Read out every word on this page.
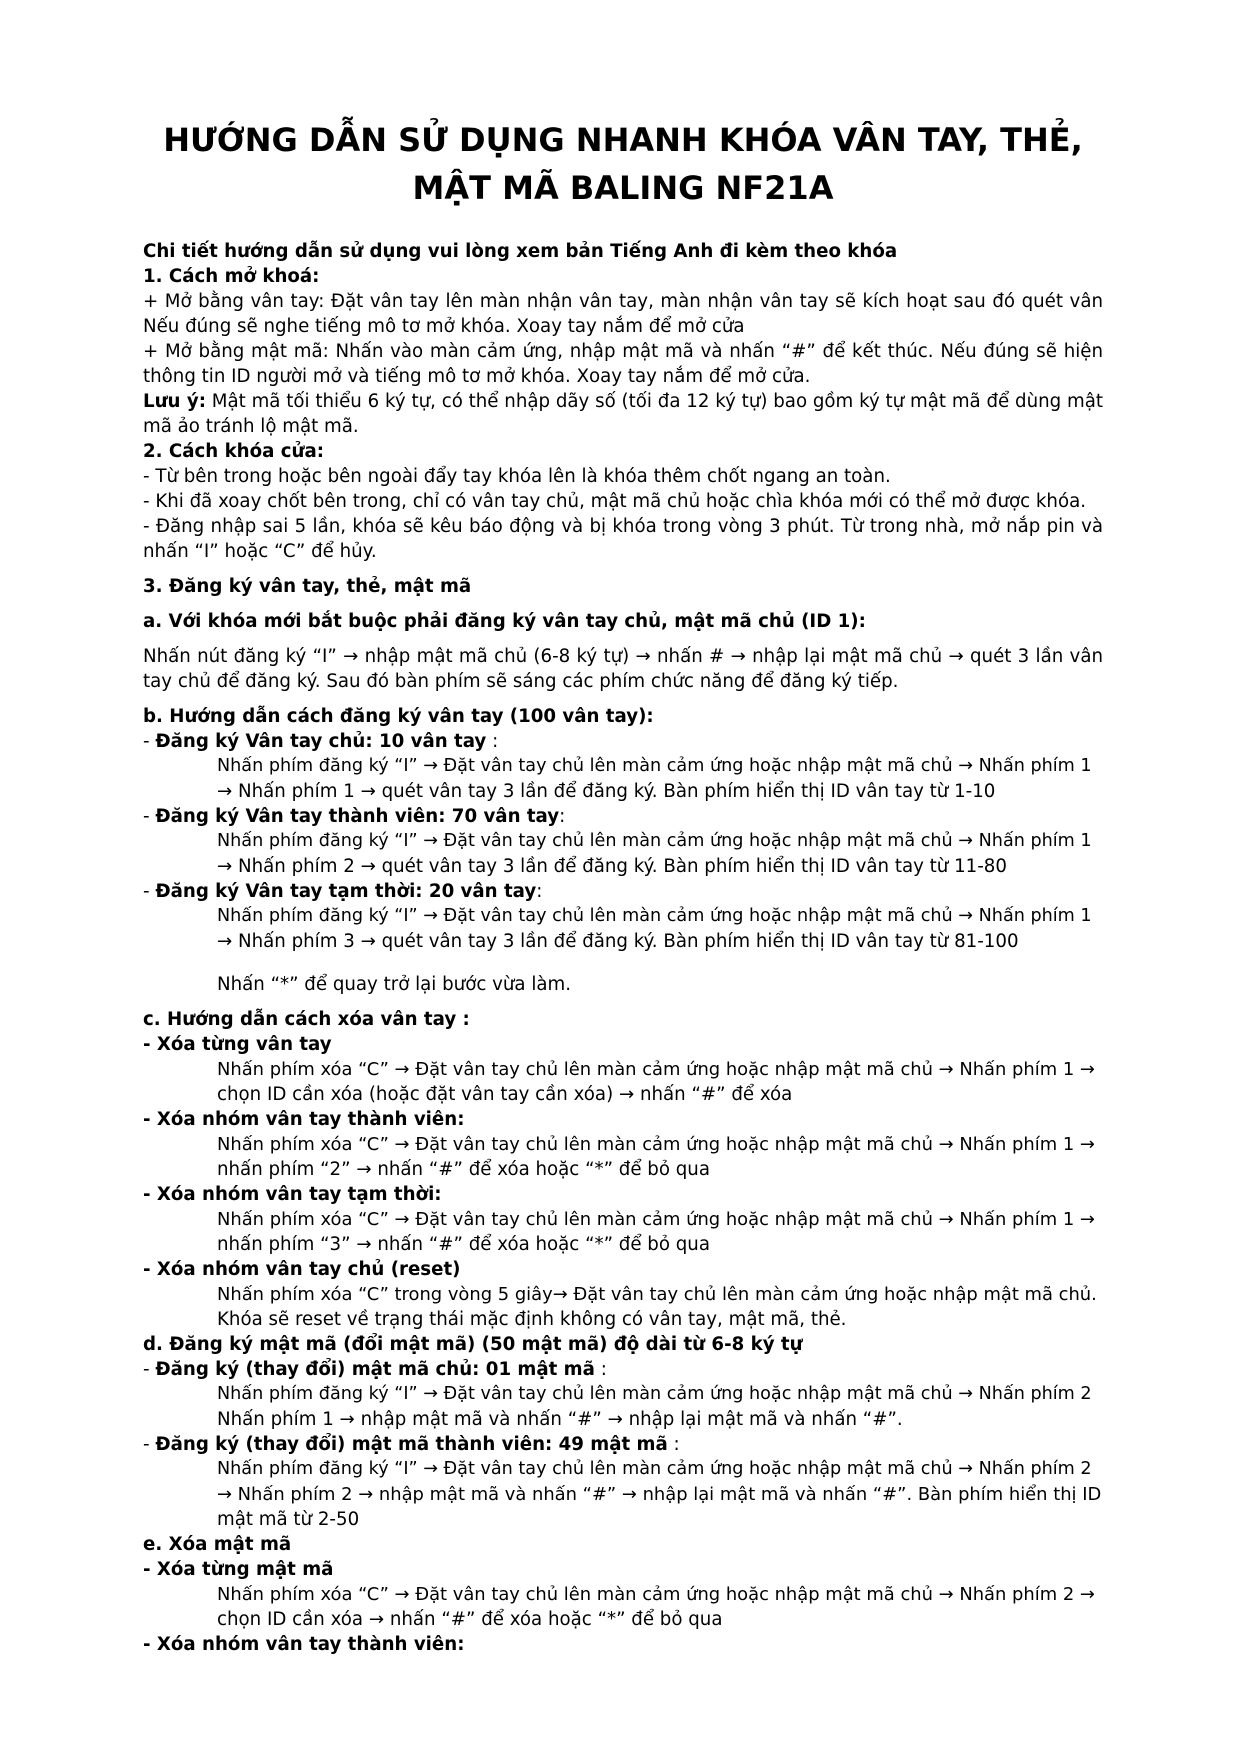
HƯỚNG DẪN SỬ DỤNG NHANH KHÓA VÂN TAY, THẺ,
MẬT MÃ BALING NF21A
Chi tiết hướng dẫn sử dụng vui lòng xem bản Tiếng Anh đi kèm theo khóa
1. Cách mở khoá:
+ Mở bằng vân tay: Đặt vân tay lên màn nhận vân tay, màn nhận vân tay sẽ kích hoạt sau đó quét vân
Nếu đúng sẽ nghe tiếng mô tơ mở khóa. Xoay tay nắm để mở cửa
+ Mở bằng mật mã: Nhấn vào màn cảm ứng, nhập mật mã và nhấn “#” để kết thúc. Nếu đúng sẽ hiện
thông tin ID người mở và tiếng mô tơ mở khóa. Xoay tay nắm để mở cửa.
Lưu ý: Mật mã tối thiểu 6 ký tự, có thể nhập dãy số (tối đa 12 ký tự) bao gồm ký tự mật mã để dùng mật
mã ảo tránh lộ mật mã.
2. Cách khóa cửa:
- Từ bên trong hoặc bên ngoài đẩy tay khóa lên là khóa thêm chốt ngang an toàn.
- Khi đã xoay chốt bên trong, chỉ có vân tay chủ, mật mã chủ hoặc chìa khóa mới có thể mở được khóa.
- Đăng nhập sai 5 lần, khóa sẽ kêu báo động và bị khóa trong vòng 3 phút. Từ trong nhà, mở nắp pin và
nhấn “I” hoặc “C” để hủy.
3. Đăng ký vân tay, thẻ, mật mã
a. Với khóa mới bắt buộc phải đăng ký vân tay chủ, mật mã chủ (ID 1):
Nhấn nút đăng ký “I” → nhập mật mã chủ (6-8 ký tự) → nhấn # → nhập lại mật mã chủ → quét 3 lần vân
tay chủ để đăng ký. Sau đó bàn phím sẽ sáng các phím chức năng để đăng ký tiếp.
b. Hướng dẫn cách đăng ký vân tay (100 vân tay):
- Đăng ký Vân tay chủ: 10 vân tay :
Nhấn phím đăng ký “I” → Đặt vân tay chủ lên màn cảm ứng hoặc nhập mật mã chủ → Nhấn phím 1
→ Nhấn phím 1 → quét vân tay 3 lần để đăng ký. Bàn phím hiển thị ID vân tay từ 1-10
- Đăng ký Vân tay thành viên: 70 vân tay:
Nhấn phím đăng ký “I” → Đặt vân tay chủ lên màn cảm ứng hoặc nhập mật mã chủ → Nhấn phím 1
→ Nhấn phím 2 → quét vân tay 3 lần để đăng ký. Bàn phím hiển thị ID vân tay từ 11-80
- Đăng ký Vân tay tạm thời: 20 vân tay:
Nhấn phím đăng ký “I” → Đặt vân tay chủ lên màn cảm ứng hoặc nhập mật mã chủ → Nhấn phím 1
→ Nhấn phím 3 → quét vân tay 3 lần để đăng ký. Bàn phím hiển thị ID vân tay từ 81-100
Nhấn “*” để quay trở lại bước vừa làm.
c. Hướng dẫn cách xóa vân tay :
- Xóa từng vân tay
Nhấn phím xóa “C” → Đặt vân tay chủ lên màn cảm ứng hoặc nhập mật mã chủ → Nhấn phím 1 →
chọn ID cần xóa (hoặc đặt vân tay cần xóa) → nhấn “#” để xóa
- Xóa nhóm vân tay thành viên:
Nhấn phím xóa “C” → Đặt vân tay chủ lên màn cảm ứng hoặc nhập mật mã chủ → Nhấn phím 1 →
nhấn phím “2” → nhấn “#” để xóa hoặc “*” để bỏ qua
- Xóa nhóm vân tay tạm thời:
Nhấn phím xóa “C” → Đặt vân tay chủ lên màn cảm ứng hoặc nhập mật mã chủ → Nhấn phím 1 →
nhấn phím “3” → nhấn “#” để xóa hoặc “*” để bỏ qua
- Xóa nhóm vân tay chủ (reset)
Nhấn phím xóa “C” trong vòng 5 giây→ Đặt vân tay chủ lên màn cảm ứng hoặc nhập mật mã chủ.
Khóa sẽ reset về trạng thái mặc định không có vân tay, mật mã, thẻ.
d. Đăng ký mật mã (đổi mật mã) (50 mật mã) độ dài từ 6-8 ký tự
- Đăng ký (thay đổi) mật mã chủ: 01 mật mã :
Nhấn phím đăng ký “I” → Đặt vân tay chủ lên màn cảm ứng hoặc nhập mật mã chủ → Nhấn phím 2
Nhấn phím 1 → nhập mật mã và nhấn “#” → nhập lại mật mã và nhấn “#”.
- Đăng ký (thay đổi) mật mã thành viên: 49 mật mã :
Nhấn phím đăng ký “I” → Đặt vân tay chủ lên màn cảm ứng hoặc nhập mật mã chủ → Nhấn phím 2
→ Nhấn phím 2 → nhập mật mã và nhấn “#” → nhập lại mật mã và nhấn “#”. Bàn phím hiển thị ID
mật mã từ 2-50
e. Xóa mật mã
- Xóa từng mật mã
Nhấn phím xóa “C” → Đặt vân tay chủ lên màn cảm ứng hoặc nhập mật mã chủ → Nhấn phím 2 →
chọn ID cần xóa → nhấn “#” để xóa hoặc “*” để bỏ qua
- Xóa nhóm vân tay thành viên:
